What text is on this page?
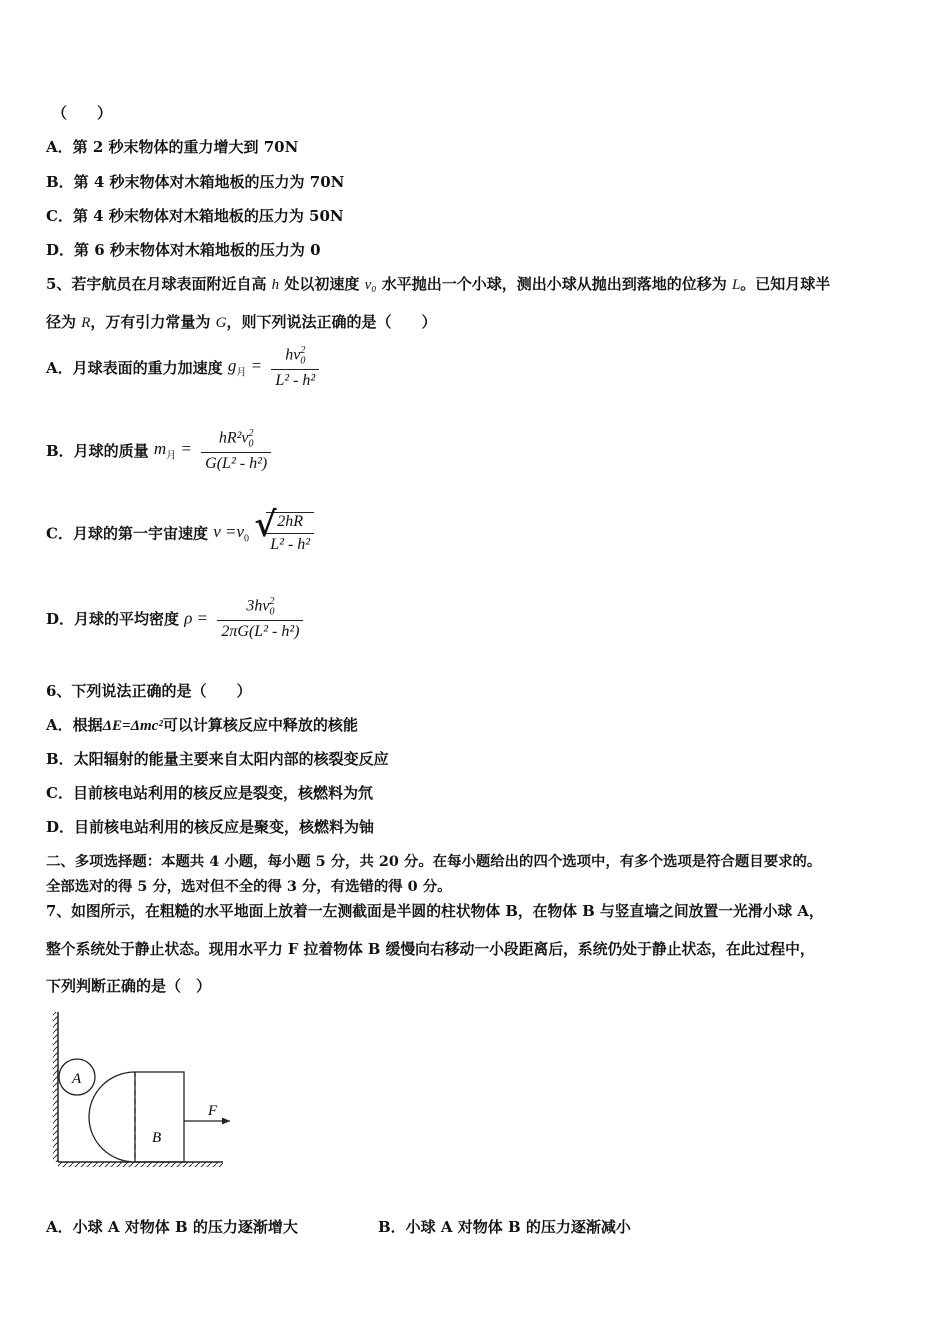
（　　）
A．第 2 秒末物体的重力增大到 70N
B．第 4 秒末物体对木箱地板的压力为 70N
C．第 4 秒末物体对木箱地板的压力为 50N
D．第 6 秒末物体对木箱地板的压力为 0
5、若宇航员在月球表面附近自高 h 处以初速度 v₀ 水平抛出一个小球，测出小球从抛出到落地的位移为 L。已知月球半
径为 R，万有引力常量为 G，则下列说法正确的是（　　）
A．月球表面的重力加速度 $g_月 = \frac{hv_0^2}{\text{L² - h²}}$
B．月球的质量 $m_月 = \frac{hR^2v_0^2}{\text{G(L² - h²)}}$
C．月球的第一宇宙速度 $v =v_0$ √
$\frac{2hR}{\text{L² - h²}}$
D．月球的平均密度 $\rho = \frac{3hv_0^2}{\text{2πG(L² - h²)}}$
6、下列说法正确的是（　　）
A．根据ΔE=Δmc²可以计算核反应中释放的核能
B．太阳辐射的能量主要来自太阳内部的核裂变反应
C．目前核电站利用的核反应是裂变，核燃料为氘
D．目前核电站利用的核反应是聚变，核燃料为铀
二、多项选择题：本题共 4 小题，每小题 5 分，共 20 分。在每小题给出的四个选项中，有多个选项是符合题目要求的。
全部选对的得 5 分，选对但不全的得 3 分，有选错的得 0 分。
7、如图所示，在粗糙的水平地面上放着一左测截面是半圆的柱状物体 B，在物体 B 与竖直墙之间放置一光滑小球 A，
整个系统处于静止状态。现用水平力 F 拉着物体 B 缓慢向右移动一小段距离后，系统仍处于静止状态，在此过程中，
下列判断正确的是（　）
A
B
F
A．小球 A 对物体 B 的压力逐渐增大	B．小球 A 对物体 B 的压力逐渐减小
